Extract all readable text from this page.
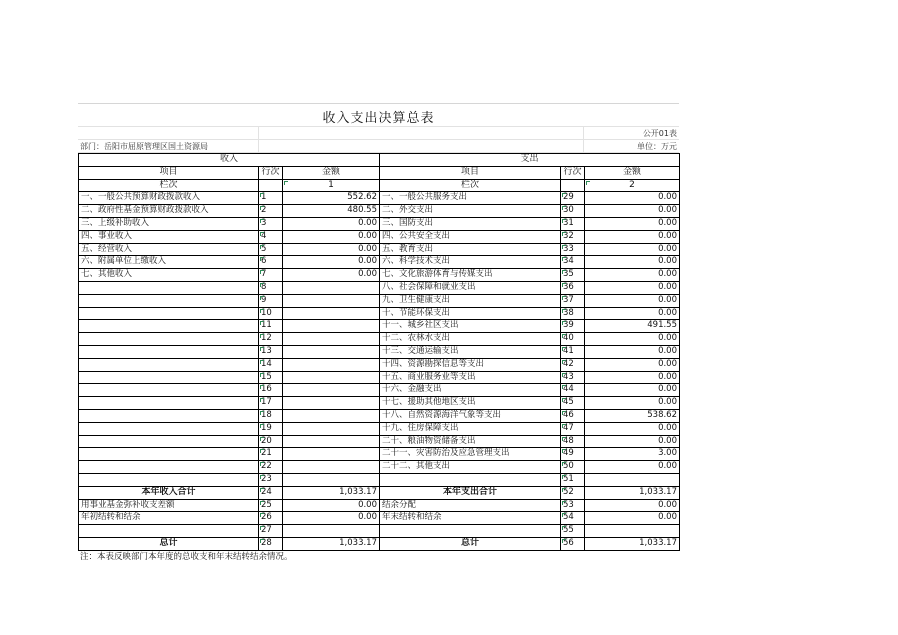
收入支出决算总表
公开01表
部门：岳阳市屈原管理区国土资源局	单位：万元
收入			支出		
项目	行次	金额	项目	行次	金额
栏次		1	栏次		2
一、一般公共预算财政拨款收入	1	552.62	一、一般公共服务支出	29	0.00
二、政府性基金预算财政拨款收入	2	480.55	二、外交支出	30	0.00
三、上级补助收入	3	0.00	三、国防支出	31	0.00
四、事业收入	4	0.00	四、公共安全支出	32	0.00
五、经营收入	5	0.00	五、教育支出	33	0.00
六、附属单位上缴收入	6	0.00	六、科学技术支出	34	0.00
七、其他收入	7	0.00	七、文化旅游体育与传媒支出	35	0.00
	8		八、社会保障和就业支出	36	0.00
	9		九、卫生健康支出	37	0.00
	10		十、节能环保支出	38	0.00
	11		十一、城乡社区支出	39	491.55
	12		十二、农林水支出	40	0.00
	13		十三、交通运输支出	41	0.00
	14		十四、资源勘探信息等支出	42	0.00
	15		十五、商业服务业等支出	43	0.00
	16		十六、金融支出	44	0.00
	17		十七、援助其他地区支出	45	0.00
	18		十八、自然资源海洋气象等支出	46	538.62
	19		十九、住房保障支出	47	0.00
	20		二十、粮油物资储备支出	48	0.00
	21		二十一、灾害防治及应急管理支出	49	3.00
	22		二十二、其他支出	50	0.00
	23			51	
本年收入合计	24	1,033.17	本年支出合计	52	1,033.17
用事业基金弥补收支差额	25	0.00	结余分配	53	0.00
年初结转和结余	26	0.00	年末结转和结余	54	0.00
	27			55	
总计	28	1,033.17	总计	56	1,033.17
注：本表反映部门本年度的总收支和年末结转结余情况。
